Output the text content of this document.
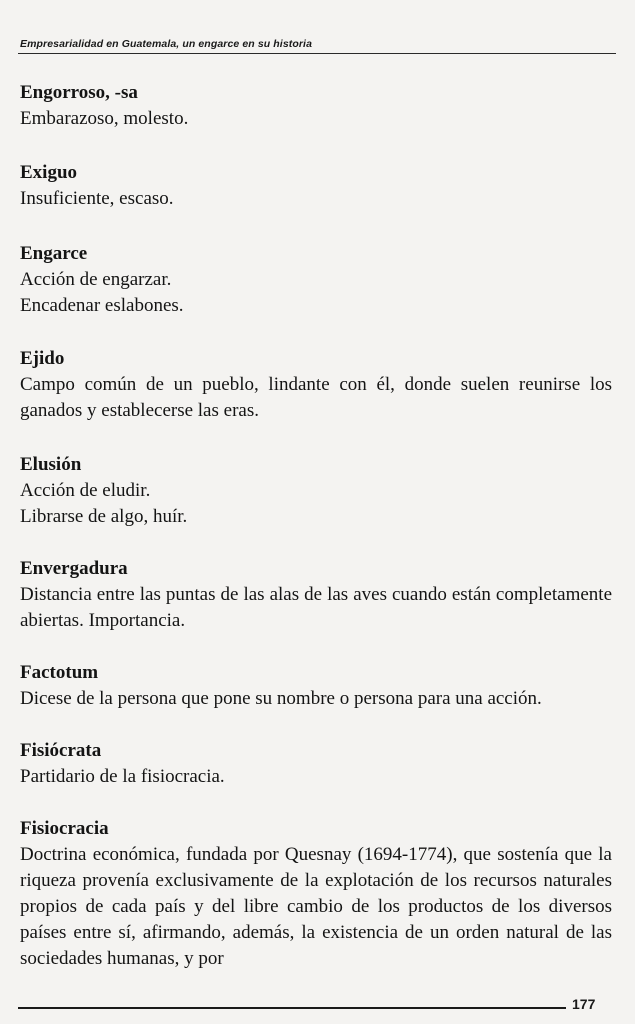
Empresarialidad en Guatemala, un engarce en su historia
Engorroso, -sa

Embarazoso, molesto.

Exiguo

Insuficiente, escaso.

Engarce

Acción de engarzar.

Encadenar eslabones.

Ejido

Campo común de un pueblo, lindante con él, donde suelen reunirse los ganados y establecerse las eras.

Elusión

Acción de eludir.

Librarse de algo, huír.

Envergadura

Distancia entre las puntas de las alas de las aves cuando están completamente abiertas. Importancia.

Factotum

Dicese de la persona que pone su nombre o persona para una acción.

Fisiócrata

Partidario de la fisiocracia.

Fisiocracia

Doctrina económica, fundada por Quesnay (1694-1774), que sostenía que la riqueza provenía exclusivamente de la explotación de los recursos naturales propios de cada país y del libre cambio de los productos de los diversos países entre sí, afirmando, además, la existencia de un orden natural de las sociedades humanas, y por

177
